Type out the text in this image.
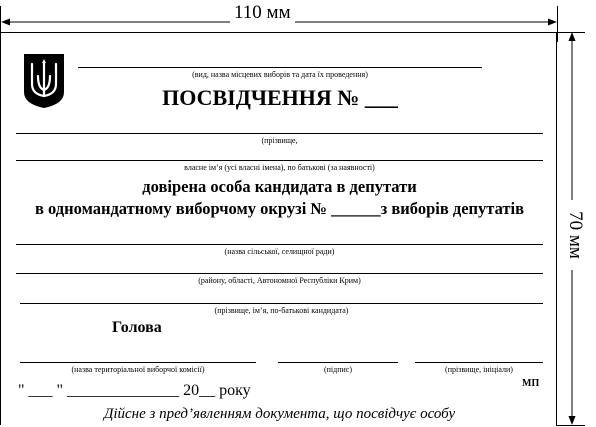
110 мм
70 мм
(вид, назва місцевих виборів та дата їх проведення)
ПОСВІДЧЕННЯ № ___
(прізвище,
власне ім’я (усі власні імена), по батькові (за наявності)
довірена особа кандидата в депутати
в одномандатному виборчому окрузі № ______з виборів депутатів
(назва сільської, селищної ради)
(району, області, Автономної Республіки Крим)
(прізвище, ім’я, по-батькові кандидата)
Голова
(назва територіальної виборчої комісії)	(підпис)	(прізвище, ініціали)
МП
" ___ " ______________ 20__ року
Дійсне з пред’явленням документа, що посвідчує особу
